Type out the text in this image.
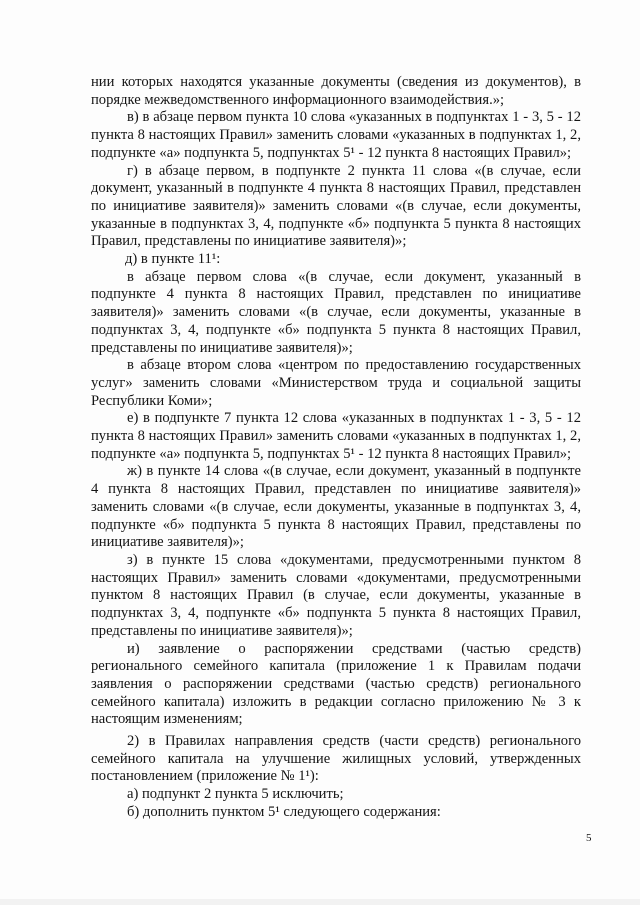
нии которых находятся указанные документы (сведения из документов), в порядке межведомственного информационного взаимодействия.»;

в) в абзаце первом пункта 10 слова «указанных в подпунктах 1 - 3, 5 - 12 пункта 8 настоящих Правил» заменить словами «указанных в подпунктах 1, 2, подпункте «а» подпункта 5, подпунктах 5¹ - 12 пункта 8 настоящих Правил»;

г) в абзаце первом, в подпункте 2 пункта 11 слова «(в случае, если документ, указанный в подпункте 4 пункта 8 настоящих Правил, представлен по инициативе заявителя)» заменить словами «(в случае, если документы, указанные в подпунктах 3, 4, подпункте «б» подпункта 5 пункта 8 настоящих Правил, представлены по инициативе заявителя)»;

д) в пункте 11¹:

в абзаце первом слова «(в случае, если документ, указанный в подпункте 4 пункта 8 настоящих Правил, представлен по инициативе заявителя)» заменить словами «(в случае, если документы, указанные в подпунктах 3, 4, подпункте «б» подпункта 5 пункта 8 настоящих Правил, представлены по инициативе заявителя)»;

в абзаце втором слова «центром по предоставлению государственных услуг» заменить словами «Министерством труда и социальной защиты Республики Коми»;

е) в подпункте 7 пункта 12 слова «указанных в подпунктах 1 - 3, 5 - 12 пункта 8 настоящих Правил» заменить словами «указанных в подпунктах 1, 2, подпункте «а» подпункта 5, подпунктах 5¹ - 12 пункта 8 настоящих Правил»;

ж) в пункте 14 слова «(в случае, если документ, указанный в подпункте 4 пункта 8 настоящих Правил, представлен по инициативе заявителя)» заменить словами «(в случае, если документы, указанные в подпунктах 3, 4, подпункте «б» подпункта 5 пункта 8 настоящих Правил, представлены по инициативе заявителя)»;

з) в пункте 15 слова «документами, предусмотренными пунктом 8 настоящих Правил» заменить словами «документами, предусмотренными пунктом 8 настоящих Правил (в случае, если документы, указанные в подпунктах 3, 4, подпункте «б» подпункта 5 пункта 8 настоящих Правил, представлены по инициативе заявителя)»;

и) заявление о распоряжении средствами (частью средств) регионального семейного капитала (приложение 1 к Правилам подачи заявления о распоряжении средствами (частью средств) регионального семейного капитала) изложить в редакции согласно приложению № 3 к настоящим изменениям;

2) в Правилах направления средств (части средств) регионального семейного капитала на улучшение жилищных условий, утвержденных постановлением (приложение № 1¹):

а) подпункт 2 пункта 5 исключить;

б) дополнить пунктом 5¹ следующего содержания:

5
